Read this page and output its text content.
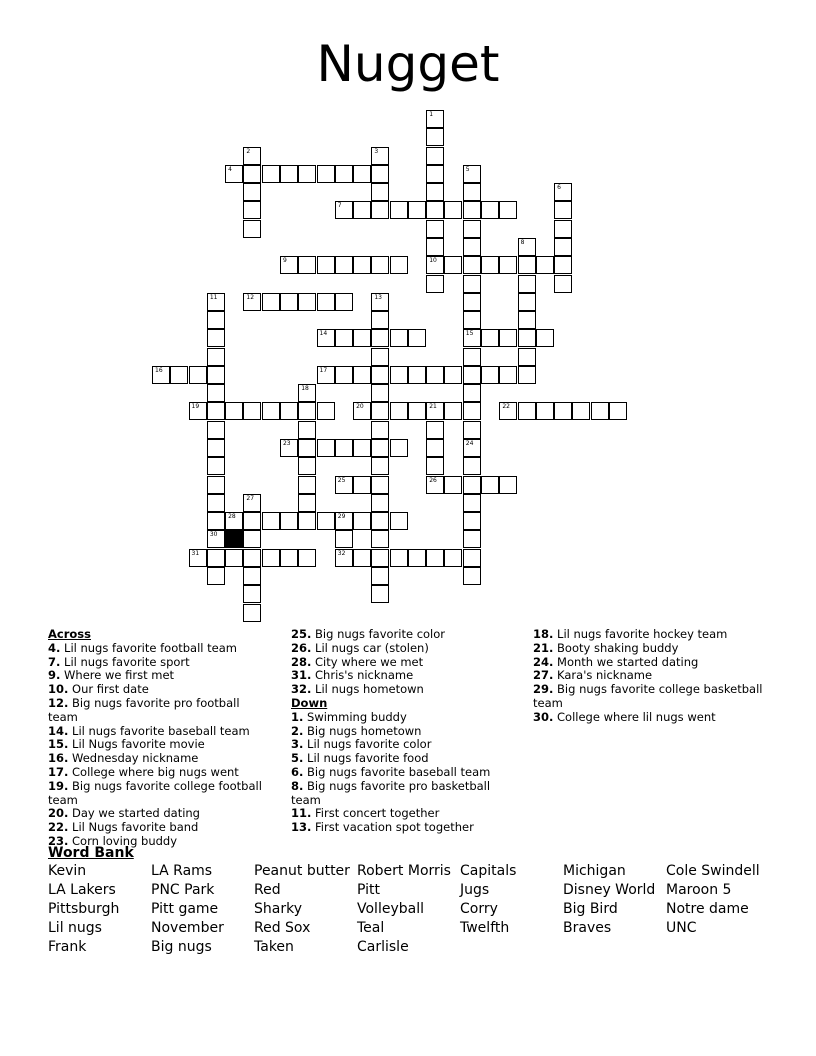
Nugget
4
7
9	10
12
14	15
16	17
19	20	21	22
23
25	26
28	29
31	32
1
2	3
5
24
6
8
11	13
18
27
30
Across
4. Lil nugs favorite football team
7. Lil nugs favorite sport
9. Where we first met
10. Our first date
12. Big nugs favorite pro football team
14. Lil nugs favorite baseball team
15. Lil Nugs favorite movie
16. Wednesday nickname
17. College where big nugs went
19. Big nugs favorite college football team
20. Day we started dating
22. Lil Nugs favorite band
23. Corn loving buddy
25. Big nugs favorite color
26. Lil nugs car (stolen)
28. City where we met
31. Chris's nickname
32. Lil nugs hometown
Down
1. Swimming buddy
2. Big nugs hometown
3. Lil nugs favorite color
5. Lil nugs favorite food
6. Big nugs favorite baseball team
8. Big nugs favorite pro basketball team
11. First concert together
13. First vacation spot together
18. Lil nugs favorite hockey team
21. Booty shaking buddy
24. Month we started dating
27. Kara's nickname
29. Big nugs favorite college basketball team
30. College where lil nugs went
Word Bank
Kevin
LA Lakers
Pittsburgh
Lil nugs
Frank
LA Rams
PNC Park
Pitt game
November
Big nugs
Peanut butter
Red
Sharky
Red Sox
Taken
Robert Morris
Pitt
Volleyball
Teal
Carlisle
Capitals
Jugs
Corry
Twelfth
Michigan
Disney World
Big Bird
Braves
Cole Swindell
Maroon 5
Notre dame
UNC
